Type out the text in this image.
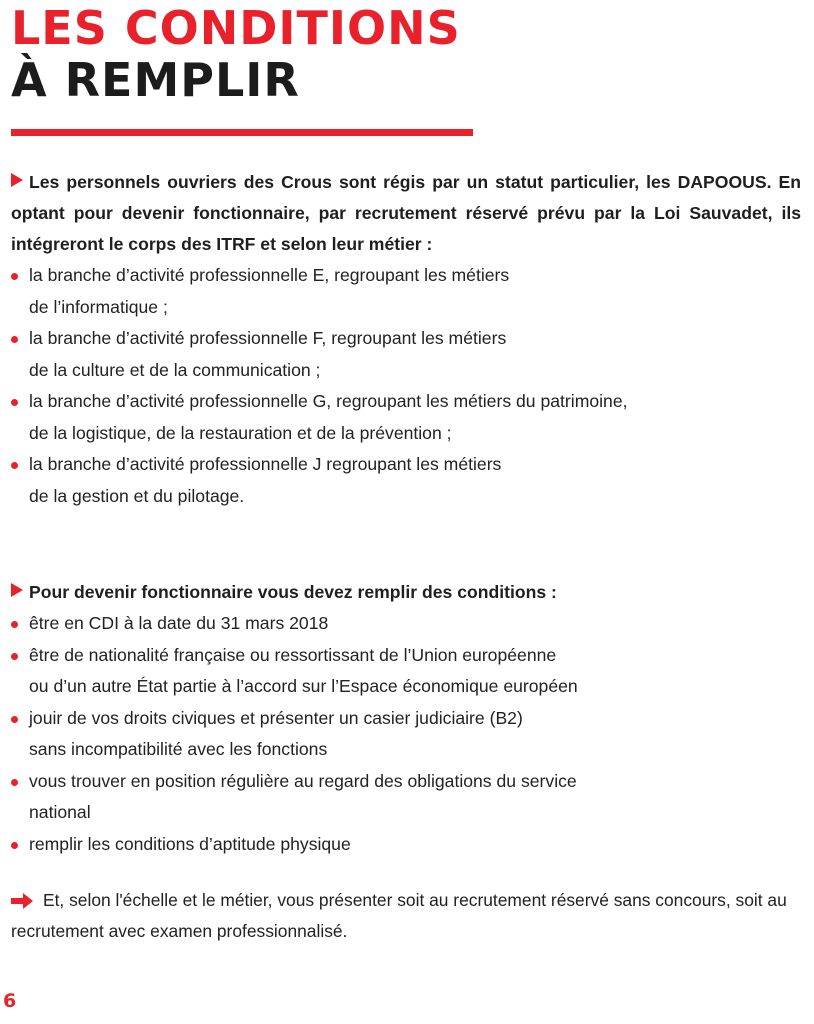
LES CONDITIONS
À REMPLIR

Les personnels ouvriers des Crous sont régis par un statut particulier, les DAPOOUS. En optant pour devenir fonctionnaire, par recrutement réservé prévu par la Loi Sauvadet, ils intégreront le corps des ITRF et selon leur métier :

la branche d’activité professionnelle E, regroupant les métiers
de l’informatique ;
la branche d’activité professionnelle F, regroupant les métiers
de la culture et de la communication ;
la branche d’activité professionnelle G, regroupant les métiers du patrimoine,
de la logistique, de la restauration et de la prévention ;
la branche d’activité professionnelle J regroupant les métiers
de la gestion et du pilotage.

Pour devenir fonctionnaire vous devez remplir des conditions :

être en CDI à la date du 31 mars 2018
être de nationalité française ou ressortissant de l’Union européenne
ou d’un autre État partie à l’accord sur l’Espace économique européen
jouir de vos droits civiques et présenter un casier judiciaire (B2)
sans incompatibilité avec les fonctions
vous trouver en position régulière au regard des obligations du service
national
remplir les conditions d’aptitude physique

Et, selon l'échelle et le métier, vous présenter soit au recrutement réservé sans concours, soit au recrutement avec examen professionnalisé.

6
